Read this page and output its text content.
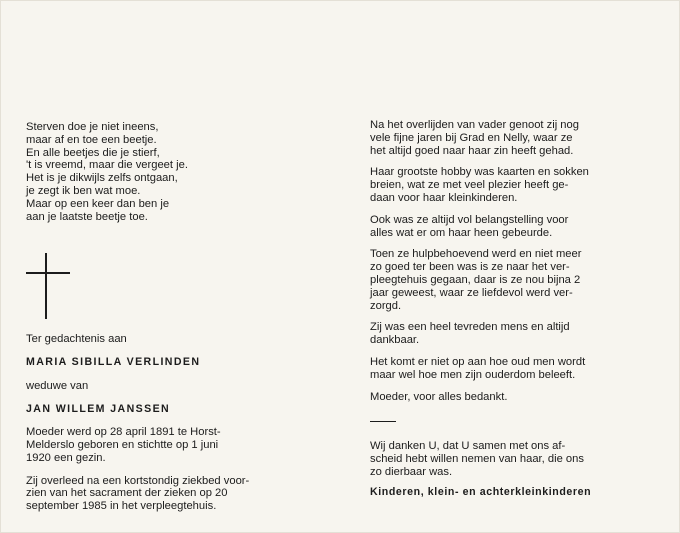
Sterven doe je niet ineens,
maar af en toe een beetje.
En alle beetjes die je stierf,
't is vreemd, maar die vergeet je.
Het is je dikwijls zelfs ontgaan,
je zegt ik ben wat moe.
Maar op een keer dan ben je
aan je laatste beetje toe.
Ter gedachtenis aan
MARIA SIBILLA VERLINDEN
weduwe van
JAN WILLEM JANSSEN
Moeder werd op 28 april 1891 te Horst-
Melderslo geboren en stichtte op 1 juni
1920 een gezin.
Zij overleed na een kortstondig ziekbed voor-
zien van het sacrament der zieken op 20
september 1985 in het verpleegtehuis.
Na het overlijden van vader genoot zij nog
vele fijne jaren bij Grad en Nelly, waar ze
het altijd goed naar haar zin heeft gehad.
Haar grootste hobby was kaarten en sokken
breien, wat ze met veel plezier heeft ge-
daan voor haar kleinkinderen.
Ook was ze altijd vol belangstelling voor
alles wat er om haar heen gebeurde.
Toen ze hulpbehoevend werd en niet meer
zo goed ter been was is ze naar het ver-
pleegtehuis gegaan, daar is ze nou bijna 2
jaar geweest, waar ze liefdevol werd ver-
zorgd.
Zij was een heel tevreden mens en altijd
dankbaar.
Het komt er niet op aan hoe oud men wordt
maar wel hoe men zijn ouderdom beleeft.
Moeder, voor alles bedankt.
Wij danken U, dat U samen met ons af-
scheid hebt willen nemen van haar, die ons
zo dierbaar was.
Kinderen, klein- en achterkleinkinderen
